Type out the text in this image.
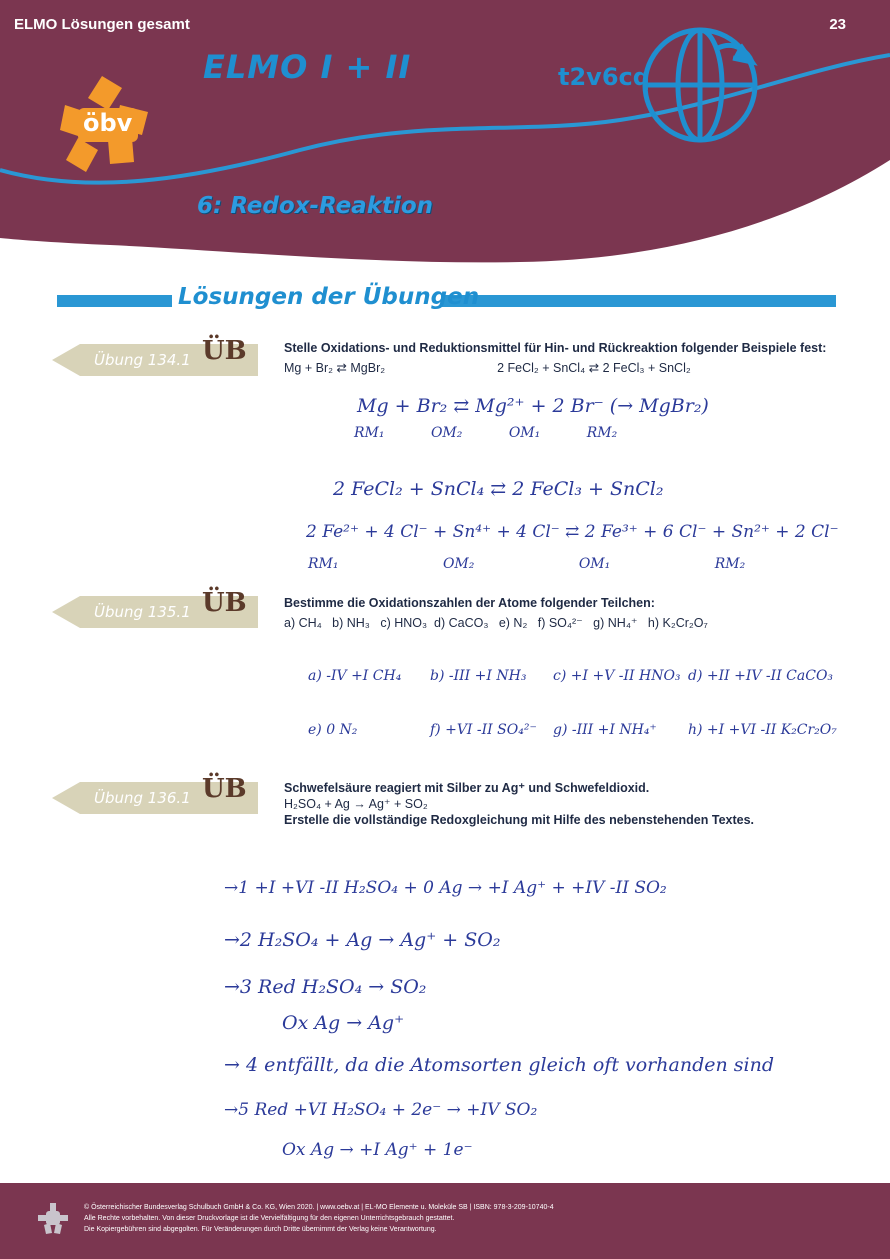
ELMO Lösungen gesamt	23
ELMO I + II	t2v6cq
öbv
6: Redox-Reaktion
Lösungen der Übungen
Übung 134.1 ÜB	Stelle Oxidations- und Reduktionsmittel für Hin- und Rückreaktion folgender Beispiele fest:
Mg + Br₂ ⇄ MgBr₂	2 FeCl₂ + SnCl₄ ⇄ 2 FeCl₃ + SnCl₂
Mg + Br₂ ⇄ Mg²⁺ + 2 Br⁻ (→ MgBr₂)
RM₁ OM₂ OM₁ RM₂
2 FeCl₂ + SnCl₄ ⇄ 2 FeCl₃ + SnCl₂
2 Fe²⁺ + 4 Cl⁻ + Sn⁴⁺ + 4 Cl⁻ ⇄ 2 Fe³⁺ + 6 Cl⁻ + Sn²⁺ + 2 Cl⁻
RM₁ OM₂ OM₁ RM₂
Übung 135.1 ÜB	Bestimme die Oxidationszahlen der Atome folgender Teilchen:
a) CH₄   b) NH₃   c) HNO₃  d) CaCO₃   e) N₂   f) SO₄²⁻   g) NH₄⁺   h) K₂Cr₂O₇
a) -IV +I CH₄ b) -III +I NH₃ c) +I +V -II HNO₃ d) +II +IV -II CaCO₃
e) 0 N₂	f) +VI -II SO₄²⁻ g) -III +I NH₄⁺ h) +I +VI -II K₂Cr₂O₇
Übung 136.1 ÜB	Schwefelsäure reagiert mit Silber zu Ag⁺ und Schwefeldioxid.
H₂SO₄ + Ag → Ag⁺ + SO₂
Erstelle die vollständige Redoxgleichung mit Hilfe des nebenstehenden Textes.
→1 +I +VI -II H₂SO₄ + 0 Ag → +I Ag⁺ + +IV -II SO₂
→2 H₂SO₄ + Ag → Ag⁺ + SO₂
→3 Red H₂SO₄ → SO₂
Ox Ag → Ag⁺
→ 4 entfällt, da die Atomsorten gleich oft vorhanden sind
→5 Red +VI H₂SO₄ + 2e⁻ → +IV SO₂
Ox Ag → +I Ag⁺ + 1e⁻
© Österreichischer Bundesverlag Schulbuch GmbH & Co. KG, Wien 2020. | www.oebv.at | EL-MO Elemente u. Moleküle SB | ISBN: 978-3-209-10740-4
Alle Rechte vorbehalten. Von dieser Druckvorlage ist die Vervielfältigung für den eigenen Unterrichtsgebrauch gestattet.
Die Kopiergebühren sind abgegolten. Für Veränderungen durch Dritte übernimmt der Verlag keine Verantwortung.
